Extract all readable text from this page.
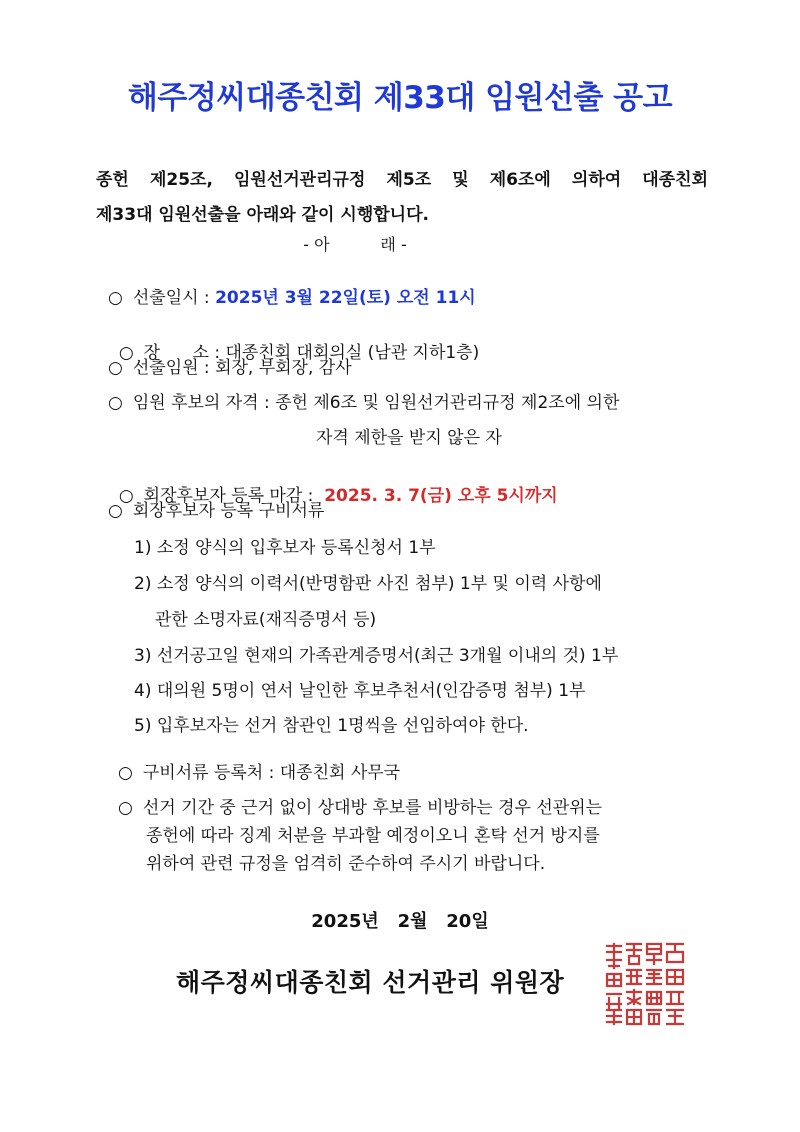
해주정씨대종친회 제33대 임원선출 공고
종헌 제25조, 임원선거관리규정 제5조 및 제6조에 의하여 대종친회
제33대 임원선출을 아래와 같이 시행합니다.
- 아          래 -
○ 선출일시 : 2025년 3월 22일(토) 오전 11시

○ 장      소 : 대종친회 대회의실 (남관 지하1층)

○ 선출임원 : 회장, 부회장, 감사
○ 임원 후보의 자격 : 종헌 제6조 및 임원선거관리규정 제2조에 의한
자격 제한을 받지 않은 자

○ 회장후보자 등록 마감 :  2025. 3. 7(금) 오후 5시까지

○ 회장후보자 등록 구비서류
1) 소정 양식의 입후보자 등록신청서 1부
2) 소정 양식의 이력서(반명함판 사진 첨부) 1부 및 이력 사항에
관한 소명자료(재직증명서 등)
3) 선거공고일 현재의 가족관계증명서(최근 3개월 이내의 것) 1부
4) 대의원 5명이 연서 날인한 후보추천서(인감증명 첨부) 1부
5) 입후보자는 선거 참관인 1명씩을 선임하여야 한다.
○ 구비서류 등록처 : 대종친회 사무국
○ 선거 기간 중 근거 없이 상대방 후보를 비방하는 경우 선관위는
종헌에 따라 징계 처분을 부과할 예정이오니 혼탁 선거 방지를
위하여 관련 규정을 엄격히 준수하여 주시기 바랍니다.
2025년   2월   20일
해주정씨대종친회 선거관리 위원장
